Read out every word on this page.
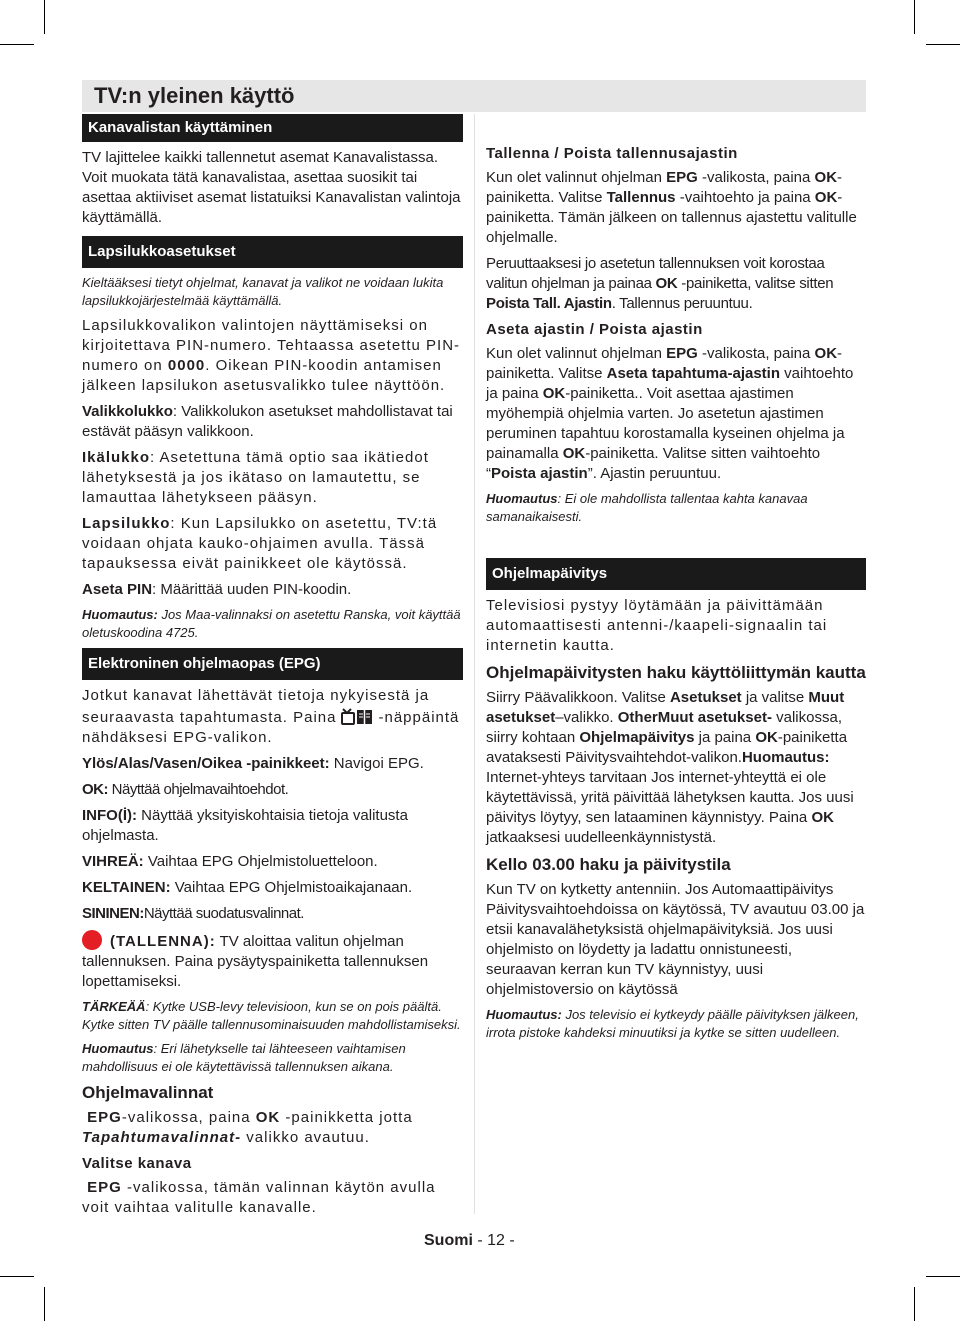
TV:n yleinen käyttö
Kanavalistan käyttäminen

TV lajittelee kaikki tallennetut asemat Kanavalistassa. Voit muokata tätä kanavalistaa, asettaa suosikit tai asettaa aktiiviset asemat listatuiksi Kanavalistan valintoja käyttämällä.

Lapsilukkoasetukset

Kieltääksesi tietyt ohjelmat, kanavat ja valikot ne voidaan lukita lapsilukkojärjestelmää käyttämällä.

Lapsilukkovalikon valintojen näyttämiseksi on kirjoitettava PIN-numero. Tehtaassa asetettu PIN-numero on 0000. Oikean PIN-koodin antamisen jälkeen lapsilukon asetusvalikko tulee näyttöön.

Valikkolukko: Valikkolukon asetukset mahdollistavat tai estävät pääsyn valikkoon.

Ikälukko: Asetettuna tämä optio saa ikätiedot lähetyksestä ja jos ikätaso on lamautettu, se lamauttaa lähetykseen pääsyn.

Lapsilukko: Kun Lapsilukko on asetettu, TV:tä voidaan ohjata kauko-ohjaimen avulla. Tässä tapauksessa eivät painikkeet ole käytössä.

Aseta PIN: Määrittää uuden PIN-koodin.

Huomautus: Jos Maa-valinnaksi on asetettu Ranska, voit käyttää oletuskoodina 4725.

Elektroninen ohjelmaopas (EPG)

Jotkut kanavat lähettävät tietoja nykyisestä ja seuraavasta tapahtumasta. Paina	-näppäintä nähdäksesi EPG-valikon.

Ylös/Alas/Vasen/Oikea -painikkeet: Navigoi EPG.

OK: Näyttää ohjelmavaihtoehdot.

INFO(İ): Näyttää yksityiskohtaisia tietoja valitusta ohjelmasta.

VIHREÄ: Vaihtaa EPG Ohjelmistoluetteloon.

KELTAINEN: Vaihtaa EPG Ohjelmistoaikajanaan.

SININEN:Näyttää suodatusvalinnat.

(TALLENNA): TV aloittaa valitun ohjelman tallennuksen. Paina pysäytyspainiketta tallennuksen lopettamiseksi.

TÄRKEÄÄ: Kytke USB-levy televisioon, kun se on pois päältä. Kytke sitten TV päälle tallennusominaisuuden mahdollistamiseksi.

Huomautus: Eri lähetykselle tai lähteeseen vaihtamisen mahdollisuus ei ole käytettävissä tallennuksen aikana.

Ohjelmavalinnat

EPG-valikossa, paina OK -painikketta jotta Tapahtumavalinnat- valikko avautuu.

Valitse kanava

EPG -valikossa, tämän valinnan käytön avulla voit vaihtaa valitulle kanavalle.

Tallenna / Poista tallennusajastin

Kun olet valinnut ohjelman EPG -valikosta, paina OK-painiketta. Valitse Tallennus -vaihtoehto ja paina OK-painiketta. Tämän jälkeen on tallennus ajastettu valitulle ohjelmalle.

Peruuttaaksesi jo asetetun tallennuksen voit korostaa valitun ohjelman ja painaa OK -painiketta, valitse sitten Poista Tall. Ajastin. Tallennus peruuntuu.

Aseta ajastin / Poista ajastin

Kun olet valinnut ohjelman EPG -valikosta, paina OK-painiketta. Valitse Aseta tapahtuma-ajastin vaihtoehto ja paina OK-painiketta.. Voit asettaa ajastimen myöhempiä ohjelmia varten. Jo asetetun ajastimen peruminen tapahtuu korostamalla kyseinen ohjelma ja painamalla OK-painiketta. Valitse sitten vaihtoehto “Poista ajastin”. Ajastin peruuntuu.

Huomautus: Ei ole mahdollista tallentaa kahta kanavaa samanaikaisesti.

Ohjelmapäivitys

Televisiosi pystyy löytämään ja päivittämään automaattisesti antenni-/kaapeli-signaalin tai internetin kautta.

Ohjelmapäivitysten haku käyttöliittymän kautta

Siirry Päävalikkoon. Valitse Asetukset ja valitse Muut asetukset–valikko. OtherMuut asetukset- valikossa, siirry kohtaan Ohjelmapäivitys ja paina OK-painiketta avataksesti Päivitysvaihtehdot-valikon.Huomautus: Internet-yhteys tarvitaan Jos internet-yhteyttä ei ole käytettävissä, yritä päivittää lähetyksen kautta. Jos uusi päivitys löytyy, sen lataaminen käynnistyy. Paina OK jatkaaksesi uudelleenkäynnistystä.

Kello 03.00 haku ja päivitystila

Kun TV on kytketty antenniin. Jos Automaattipäivitys Päivitysvaihtoehdoissa on käytössä, TV avautuu 03.00 ja etsii kanavalähetyksistä ohjelmapäivityksiä. Jos uusi ohjelmisto on löydetty ja ladattu onnistuneesti, seuraavan kerran kun TV käynnistyy, uusi ohjelmistoversio on käytössä

Huomautus: Jos televisio ei kytkeydy päälle päivityksen jälkeen, irrota pistoke kahdeksi minuutiksi ja kytke se sitten uudelleen.

Suomi - 12 -
